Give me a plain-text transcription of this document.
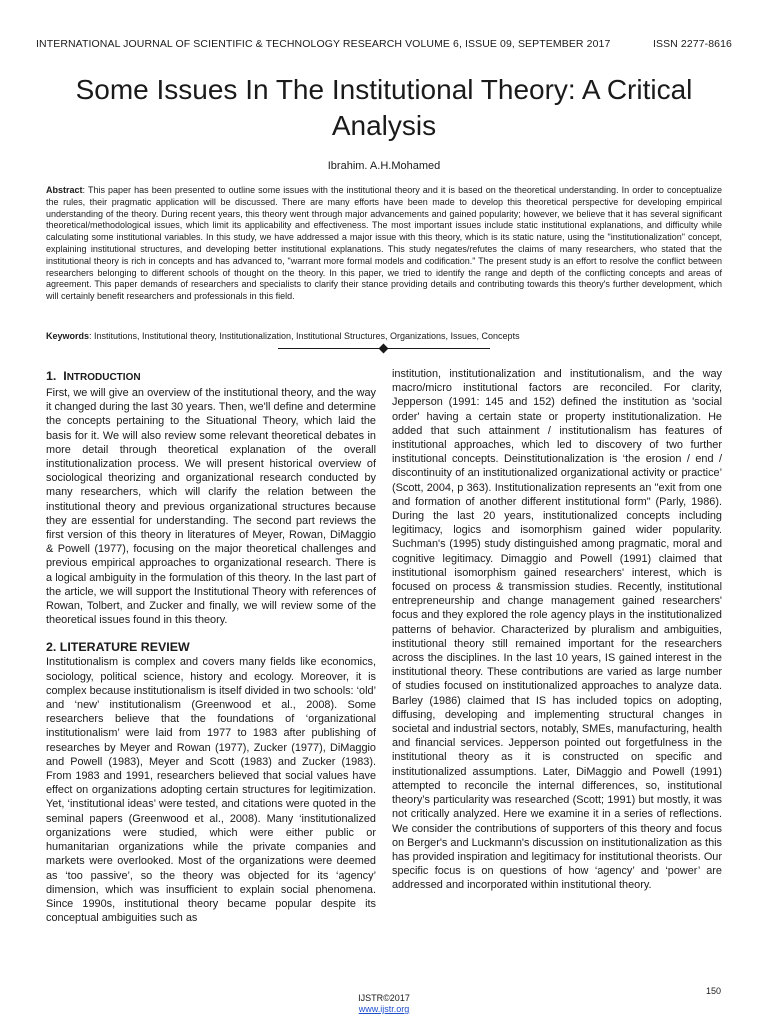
INTERNATIONAL JOURNAL OF SCIENTIFIC & TECHNOLOGY RESEARCH VOLUME 6, ISSUE 09, SEPTEMBER 2017	ISSN 2277-8616
Some Issues In The Institutional Theory: A Critical Analysis
Ibrahim. A.H.Mohamed

Abstract: This paper has been presented to outline some issues with the institutional theory and it is based on the theoretical understanding. In order to conceptualize the rules, their pragmatic application will be discussed. There are many efforts have been made to develop this theoretical perspective for developing empirical understanding of the theory. During recent years, this theory went through major advancements and gained popularity; however, we believe that it has several significant theoretical/methodological issues, which limit its applicability and effectiveness. The most important issues include static institutional explanations, and difficulty while calculating some institutional variables. In this study, we have addressed a major issue with this theory, which is its static nature, using the "institutionalization" concept, explaining institutional structures, and developing better institutional explanations. This study negates/refutes the claims of many researchers, who stated that the institutional theory is rich in concepts and has advanced to, "warrant more formal models and codification." The present study is an effort to resolve the conflict between researchers belonging to different schools of thought on the theory. In this paper, we tried to identify the range and depth of the conflicting concepts and areas of agreement. This paper demands of researchers and specialists to clarify their stance providing details and contributing towards this theory's further development, which will certainly benefit researchers and professionals in this field.

Keywords: Institutions, Institutional theory, Institutionalization, Institutional Structures, Organizations, Issues, Concepts

1. INTRODUCTION

First, we will give an overview of the institutional theory, and the way it changed during the last 30 years. Then, we'll define and determine the concepts pertaining to the Situational Theory, which laid the basis for it. We will also review some relevant theoretical debates in more detail through theoretical explanation of the overall institutionalization process. We will present historical overview of sociological theorizing and organizational research conducted by many researchers, which will clarify the relation between the institutional theory and previous organizational structures because they are essential for understanding. The second part reviews the first version of this theory in literatures of Meyer, Rowan, DiMaggio & Powell (1977), focusing on the major theoretical challenges and previous empirical approaches to organizational research. There is a logical ambiguity in the formulation of this theory. In the last part of the article, we will support the Institutional Theory with references of Rowan, Tolbert, and Zucker and finally, we will review some of the theoretical issues found in this theory.

2. LITERATURE REVIEW

Institutionalism is complex and covers many fields like economics, sociology, political science, history and ecology. Moreover, it is complex because institutionalism is itself divided in two schools: ‘old’ and ‘new’ institutionalism (Greenwood et al., 2008). Some researchers believe that the foundations of ‘organizational institutionalism’ were laid from 1977 to 1983 after publishing of researches by Meyer and Rowan (1977), Zucker (1977), DiMaggio and Powell (1983), Meyer and Scott (1983) and Zucker (1983). From 1983 and 1991, researchers believed that social values have effect on organizations adopting certain structures for legitimization. Yet, ‘institutional ideas’ were tested, and citations were quoted in the seminal papers (Greenwood et al., 2008). Many ‘institutionalized organizations were studied, which were either public or humanitarian organizations while the private companies and markets were overlooked. Most of the organizations were deemed as ‘too passive’, so the theory was objected for its ‘agency’ dimension, which was insufficient to explain social phenomena. Since 1990s, institutional theory became popular despite its conceptual ambiguities such as

institution, institutionalization and institutionalism, and the way macro/micro institutional factors are reconciled. For clarity, Jepperson (1991: 145 and 152) defined the institution as 'social order' having a certain state or property institutionalization. He added that such attainment / institutionalism has features of institutional approaches, which led to discovery of two further institutional concepts. Deinstitutionalization is ‘the erosion / end / discontinuity of an institutionalized organizational activity or practice’ (Scott, 2004, p 363). Institutionalization represents an "exit from one and formation of another different institutional form" (Parly, 1986). During the last 20 years, institutionalized concepts including legitimacy, logics and isomorphism gained wider popularity. Suchman's (1995) study distinguished among pragmatic, moral and cognitive legitimacy. Dimaggio and Powell (1991) claimed that institutional isomorphism gained researchers' interest, which is focused on process & transmission studies. Recently, institutional entrepreneurship and change management gained researchers' focus and they explored the role agency plays in the institutionalized patterns of behavior. Characterized by pluralism and ambiguities, institutional theory still remained important for the researchers across the disciplines. In the last 10 years, IS gained interest in the institutional theory. These contributions are varied as large number of studies focused on institutionalized approaches to analyze data. Barley (1986) claimed that IS has included topics on adopting, diffusing, developing and implementing structural changes in societal and industrial sectors, notably, SMEs, manufacturing, health and financial services. Jepperson pointed out forgetfulness in the institutional theory as it is constructed on specific and institutionalized assumptions. Later, DiMaggio and Powell (1991) attempted to reconcile the internal differences, so, institutional theory’s particularity was researched (Scott; 1991) but mostly, it was not critically analyzed. Here we examine it in a series of reflections. We consider the contributions of supporters of this theory and focus on Berger's and Luckmann's discussion on institutionalization as this has provided inspiration and legitimacy for institutional theorists. Our specific focus is on questions of how ‘agency’ and ‘power’ are addressed and incorporated within institutional theory.

150
IJSTR©2017
www.ijstr.org
